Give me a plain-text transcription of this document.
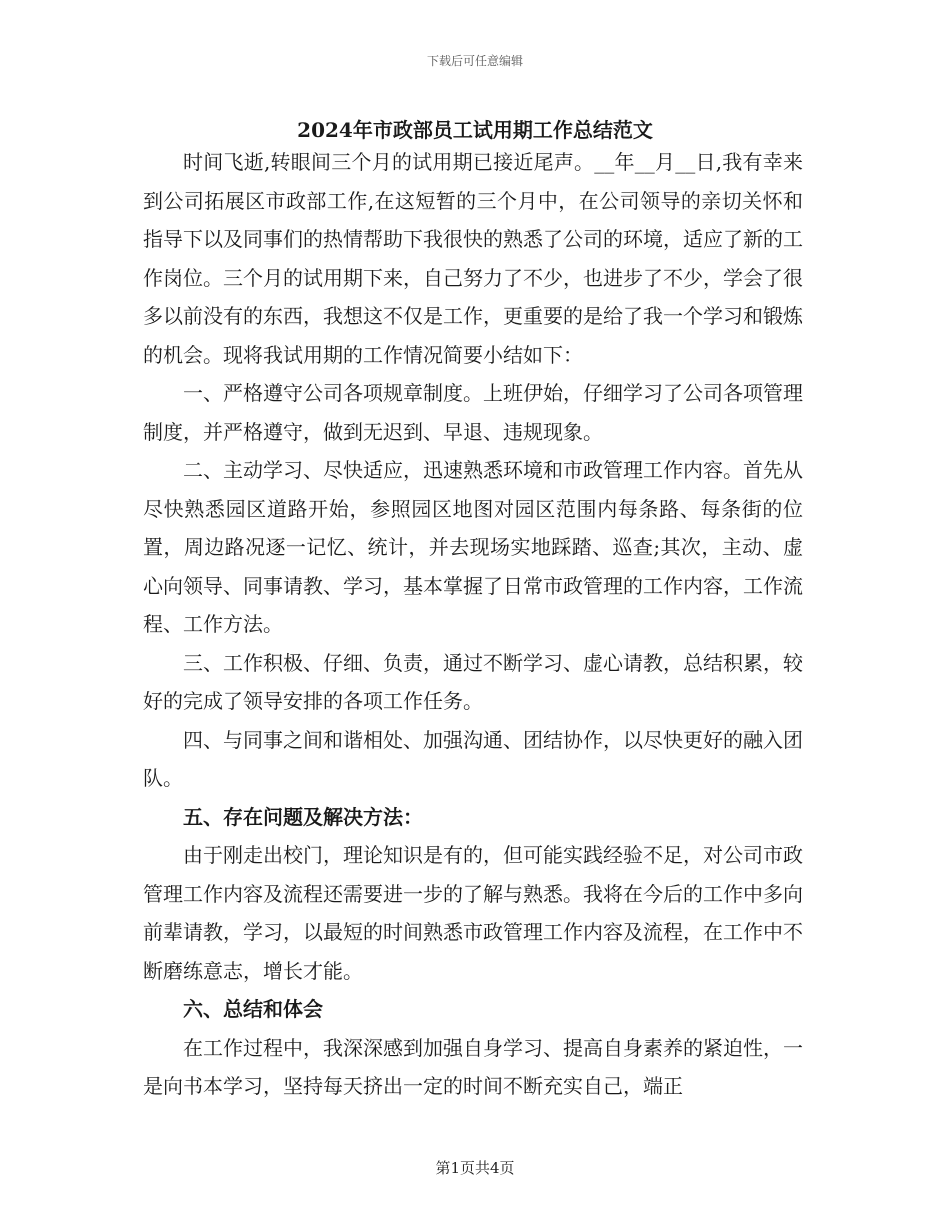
下载后可任意编辑
2024年市政部员工试用期工作总结范文

时间飞逝,转眼间三个月的试用期已接近尾声。__年__月__日,我有幸来到公司拓展区市政部工作,在这短暂的三个月中，在公司领导的亲切关怀和指导下以及同事们的热情帮助下我很快的熟悉了公司的环境，适应了新的工作岗位。三个月的试用期下来，自己努力了不少，也进步了不少，学会了很多以前没有的东西，我想这不仅是工作，更重要的是给了我一个学习和锻炼的机会。现将我试用期的工作情况简要小结如下：

一、严格遵守公司各项规章制度。上班伊始，仔细学习了公司各项管理制度，并严格遵守，做到无迟到、早退、违规现象。

二、主动学习、尽快适应，迅速熟悉环境和市政管理工作内容。首先从尽快熟悉园区道路开始，参照园区地图对园区范围内每条路、每条街的位置，周边路况逐一记忆、统计，并去现场实地踩踏、巡查;其次，主动、虚心向领导、同事请教、学习，基本掌握了日常市政管理的工作内容，工作流程、工作方法。

三、工作积极、仔细、负责，通过不断学习、虚心请教，总结积累，较好的完成了领导安排的各项工作任务。

四、与同事之间和谐相处、加强沟通、团结协作，以尽快更好的融入团队。

五、存在问题及解决方法：

由于刚走出校门，理论知识是有的，但可能实践经验不足，对公司市政管理工作内容及流程还需要进一步的了解与熟悉。我将在今后的工作中多向前辈请教，学习，以最短的时间熟悉市政管理工作内容及流程，在工作中不断磨练意志，增长才能。

六、总结和体会

在工作过程中，我深深感到加强自身学习、提高自身素养的紧迫性，一是向书本学习，坚持每天挤出一定的时间不断充实自己，端正

第1页共4页
